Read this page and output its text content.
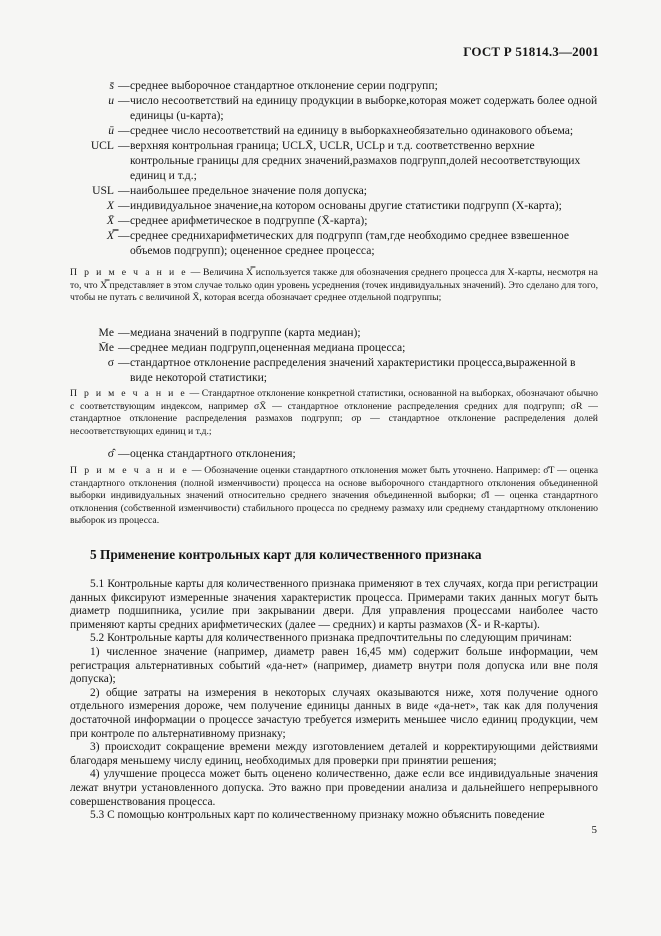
ГОСТ Р 51814.3—2001
s̄ — среднее выборочное стандартное отклонение серии подгрупп;
u — число несоответствий на единицу продукции в выборке,которая может содержать более одной единицы (u-карта);
ū — среднее число несоответствий на единицу в выборкахнеобязательно одинакового объема;
UCL — верхняя контрольная граница; UCLX̄, UCLR, UCLp и т.д. соответственно верхние контрольные границы для средних значений,размахов подгрупп,долей несоответствующих единиц и т.д.;
USL — наибольшее предельное значение поля допуска;
X — индивидуальное значение,на котором основаны другие статистики подгрупп (X-карта);
X̄ — среднее арифметическое в подгруппе (X̄-карта);
X̿ — среднее среднихарифметических для подгрупп (там,где необходимо среднее взвешенное объемов подгрупп); оцененное среднее процесса;
П р и м е ч а н и е — Величина X̿ используется также для обозначения среднего процесса для X-карты, несмотря на то, что X̿ представляет в этом случае только один уровень усреднения (точек индивидуальных значений). Это сделано для того, чтобы не путать с величиной X̄, которая всегда обозначает среднее отдельной подгруппы;
Me — медиана значений в подгруппе (карта медиан);
M̄e — среднее медиан подгрупп,оцененная медиана процесса;
σ — стандартное отклонение распределения значений характеристики процесса,выраженной в виде некоторой статистики;
П р и м е ч а н и е — Стандартное отклонение конкретной статистики, основанной на выборках, обозначают обычно с соответствующим индексом, например σX̄ — стандартное отклонение распределения средних для подгрупп; σR — стандартное отклонение распределения размахов подгрупп; σp — стандартное отклонение распределения долей несоответствующих единиц и т.д.;
σ̂ — оценка стандартного отклонения;
П р и м е ч а н и е — Обозначение оценки стандартного отклонения может быть уточнено. Например: σ̂T — оценка стандартного отклонения (полной изменчивости) процесса на основе выборочного стандартного отклонения объединенной выборки индивидуальных значений относительно среднего значения объединенной выборки; σ̂I — оценка стандартного отклонения (собственной изменчивости) стабильного процесса по среднему размаху или среднему стандартному отклонению выборок из процесса.
5 Применение контрольных карт для количественного признака

5.1 Контрольные карты для количественного признака применяют в тех случаях, когда при регистрации данных фиксируют измеренные значения характеристик процесса. Примерами таких данных могут быть диаметр подшипника, усилие при закрывании двери. Для управления процессами наиболее часто применяют карты средних арифметических (далее — средних) и карты размахов (X̄- и R-карты).

5.2 Контрольные карты для количественного признака предпочтительны по следующим причинам:

1) численное значение (например, диаметр равен 16,45 мм) содержит больше информации, чем регистрация альтернативных событий «да-нет» (например, диаметр внутри поля допуска или вне поля допуска);

2) общие затраты на измерения в некоторых случаях оказываются ниже, хотя получение одного отдельного измерения дороже, чем получение единицы данных в виде «да-нет», так как для получения достаточной информации о процессе зачастую требуется измерить меньшее число единиц продукции, чем при контроле по альтернативному признаку;

3) происходит сокращение времени между изготовлением деталей и корректирующими действиями благодаря меньшему числу единиц, необходимых для проверки при принятии решения;

4) улучшение процесса может быть оценено количественно, даже если все индивидуальные значения лежат внутри установленного допуска. Это важно при проведении анализа и дальнейшего непрерывного совершенствования процесса.

5.3 С помощью контрольных карт по количественному признаку можно объяснить поведение

5
